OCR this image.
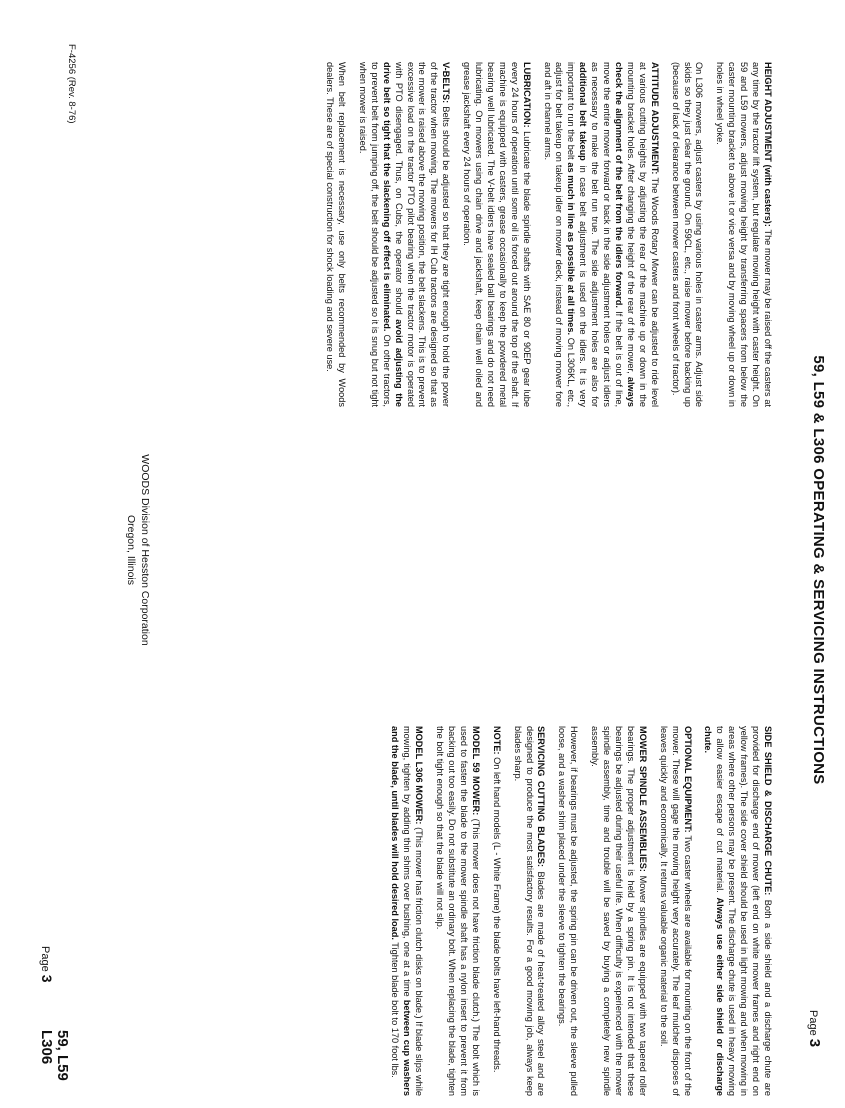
59, L59 & L306 OPERATING & SERVICING INSTRUCTIONS
Page 3

HEIGHT ADJUSTMENT (with casters): The mower may be raised off the casters at any time by the tractor lift system, but regulate mowing height with caster height. On 59 and L59 mowers, adjust mowing height by transferring spacers from below the caster mounting bracket to above it or vice versa and by moving wheel up or down in holes in wheel yoke.

On L306 mowers, adjust casters by using various holes in caster arms. Adjust side skids so they just clear the ground. On 59CL, etc., raise mower before backing up (because of lack of clearance between mower casters and front wheels of tractor).

ATTITUDE ADJUSTMENT: The Woods Rotary Mower can be adjusted to ride level at various cutting heights by adjusting the rear of the machine up or down in the mounting bracket holes. After changing the height of the rear of the mower, always check the alignment of the belt from the idlers forward. If the belt is out of line, move the entire mower forward or back in the side adjustment holes or adjust idlers as necessary to make the belt run true. The side adjustment holes are also for additional belt takeup in case belt adjustment is used on the idlers. It is very important to run the belt as much in line as possible at all times. On L306KL, etc., adjust for belt takeup on takeup idler on mower deck, instead of moving mower fore and aft in channel arms.

LUBRICATION: Lubricate the blade spindle shafts with SAE 80 or 90EP gear lube every 24 hours of operation until some oil is forced out around the top of the shaft. If machine is equipped with casters, grease occasionally to keep the powdered metal bearing well lubricated. The V-belt idlers have sealed ball bearings and do not need lubricating. On mowers using chain drive and jackshaft, keep chain well oiled and grease jackshaft every 24 hours of operation.

V-BELTS: Belts should be adjusted so that they are tight enough to hold the power of the tractor when mowing. The mowers for IH Cub tractors are designed so that as the mower is raised above the mowing position, the belt slackens. This is to prevent excessive load on the tractor PTO pilot bearing when the tractor motor is operated with PTO disengaged. Thus, on Cubs, the operator should avoid adjusting the drive belt so tight that the slackening off effect is eliminated. On other tractors, to prevent belt from jumping off, the belt should be adjusted so it is snug but not tight when mower is raised.

When belt replacement is necessary, use only belts recommended by Woods dealers. These are of special construction for shock loading and severe use.

SIDE SHIELD & DISCHARGE CHUTE: Both a side shield and a discharge chute are provided for discharge end of mower (left end on white mower frames and right end on yellow frames). The side cover shield should be used in light mowing and when mowing in areas where other persons may be present. The discharge chute is used in heavy mowing to allow easier escape of cut material. Always use either side shield or discharge chute.

OPTIONAL EQUIPMENT: Two caster wheels are available for mounting on the front of the mower. These will gage the mowing height very accurately. The leaf mulcher disposes of leaves quickly and economically. It returns valuable organic material to the soil.

MOWER SPINDLE ASSEMBLIES: Mower spindles are equipped with two tapered roller bearings. The proper adjustment is held by a spring pin. It is not intended that these bearings be adjusted during their useful life. When difficulty is experienced with the mower spindle assembly, time and trouble will be saved by buying a completely new spindle assembly.

However, if bearings must be adjusted, the spring pin can be driven out, the sleeve pulled loose, and a washer shim placed under the sleeve to tighten the bearings.

SERVICING CUTTING BLADES: Blades are made of heat-treated alloy steel and are designed to produce the most satisfactory results. For a good mowing job, always keep blades sharp.

NOTE: On left hand models (L - White Frame) the blade bolts have left-hand threads.

MODEL 59 MOWER: (This mower does not have friction blade clutch.) The bolt which is used to fasten the blade to the mower spindle shaft has a nylon insert to prevent it from backing out too easily. Do not substitute an ordinary bolt. When replacing the blade, tighten the bolt tight enough so that the blade will not slip.

MODEL L306 MOWER: (This mower has friction clutch disks on blade.) If blade slips while mowing, tighten by adding thin shims over bushing, one at a time between cup washers and the blade, until blades will hold desired load. Tighten blade bolt to 170 foot lbs.

WOODS Division of Hesston Corporation
Oregon, Illinois
F-4256 (Rev. 8-76)
Page 3
59, L59
L306
